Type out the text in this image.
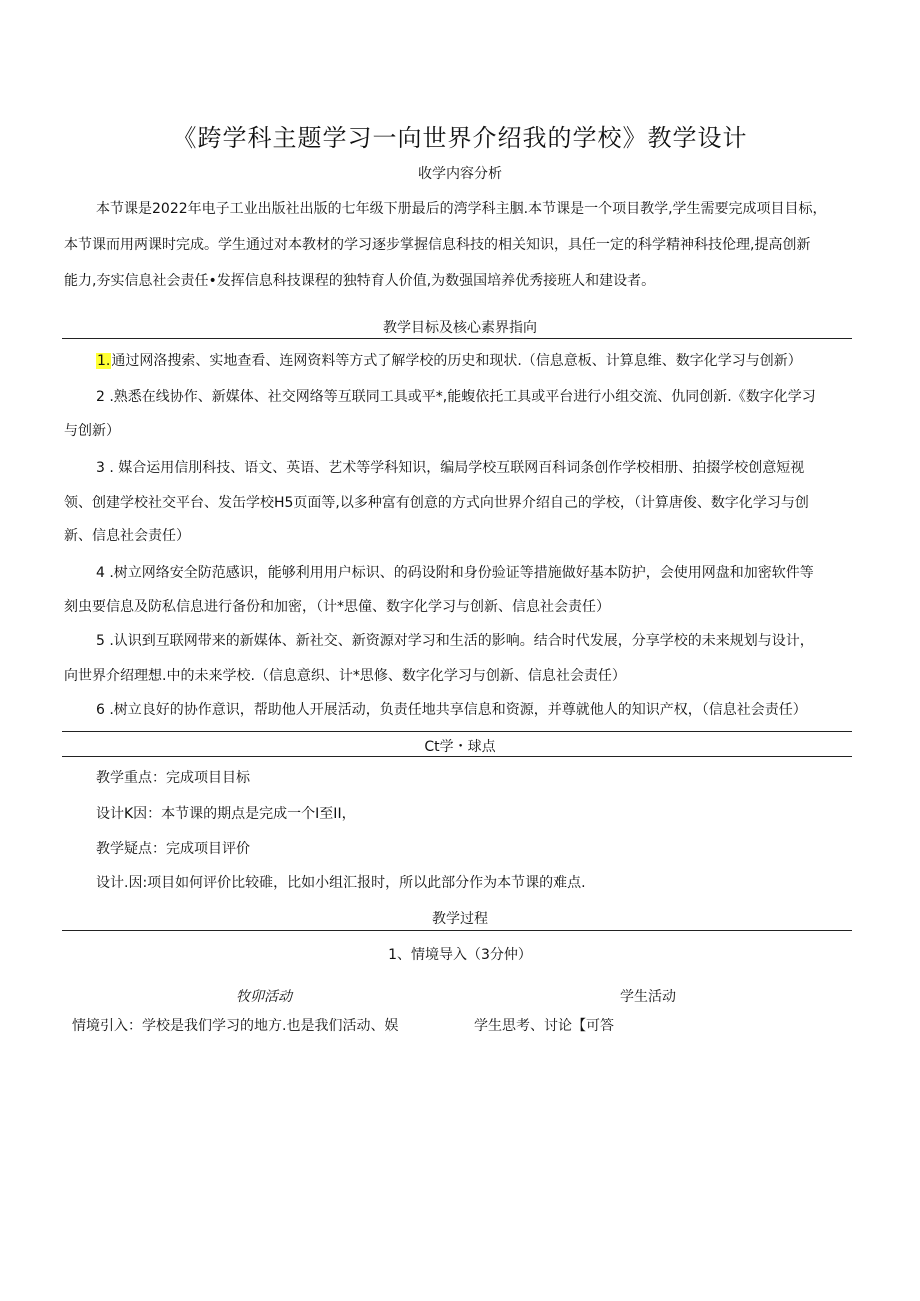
《跨学科主题学习一向世界介绍我的学校》教学设计
收学内容分析
本节课是2022年电子工业出版社出版的七年级下册最后的湾学科主胭.本节课是一个项目教学,学生需要完成项目目标，
本节课而用两课时完成。学生通过对本教材的学习逐步掌握信息科技的相关知识，具任一定的科学精神科技伦理,提高创新
能力,夯实信息社会责任•发挥信息科技课程的独特育人价值,为数强国培养优秀接班人和建设者。
教学目标及核心素界指向
1.通过网洛搜索、实地查看、连网资料等方式了解学校的历史和现状.（信息意板、计算息维、数字化学习与创新）
2 .熟悉在线协作、新媒体、社交网络等互联同工具或平*,能蝮依托工具或平台进行小组交流、仇同创新.《数字化学习
与创新）
3 . 媒合运用信刖科技、语文、英语、艺术等学科知识，编局学校互联网百科词条创作学校相册、拍掇学校创意短视
领、创建学校社交平台、发缶学校H5页面等,以多种富有创意的方式向世界介绍自己的学校，（计算唐俊、数字化学习与创
新、信息社会责任）
4 .树立网络安全防范感识，能够利用用户标识、的码设附和身份验证等措施做好基本防护，会使用网盘和加密软件等
刻虫要信息及防私信息进行备份和加密，（计*思僮、数字化学习与创新、信息社会责任）
5 .认识到互联网带来的新媒体、新社交、新资源对学习和生活的影响。结合时代发展，分享学校的未来规划与设计，
向世界介绍理想.中的未来学校.（信息意织、计*思修、数字化学习与创新、信息社会责任）
6 .树立良好的协作意识，帮助他人开展活动，负责任地共享信息和资源，并尊就他人的知识产权，（信息社会责任）
Ct学・球点
教学重点：完成项目目标
设计K因：本节课的期点是完成一个I至II，
教学疑点：完成项目评价
设计.因:项目如何评价比较碓，比如小组汇报时，所以此部分作为本节课的难点.
教学过程
1、情境导入（3分仲）
牧卯活动	学生活动
情境引入：学校是我们学习的地方.也是我们活动、娱	学生思考、讨论【可答
